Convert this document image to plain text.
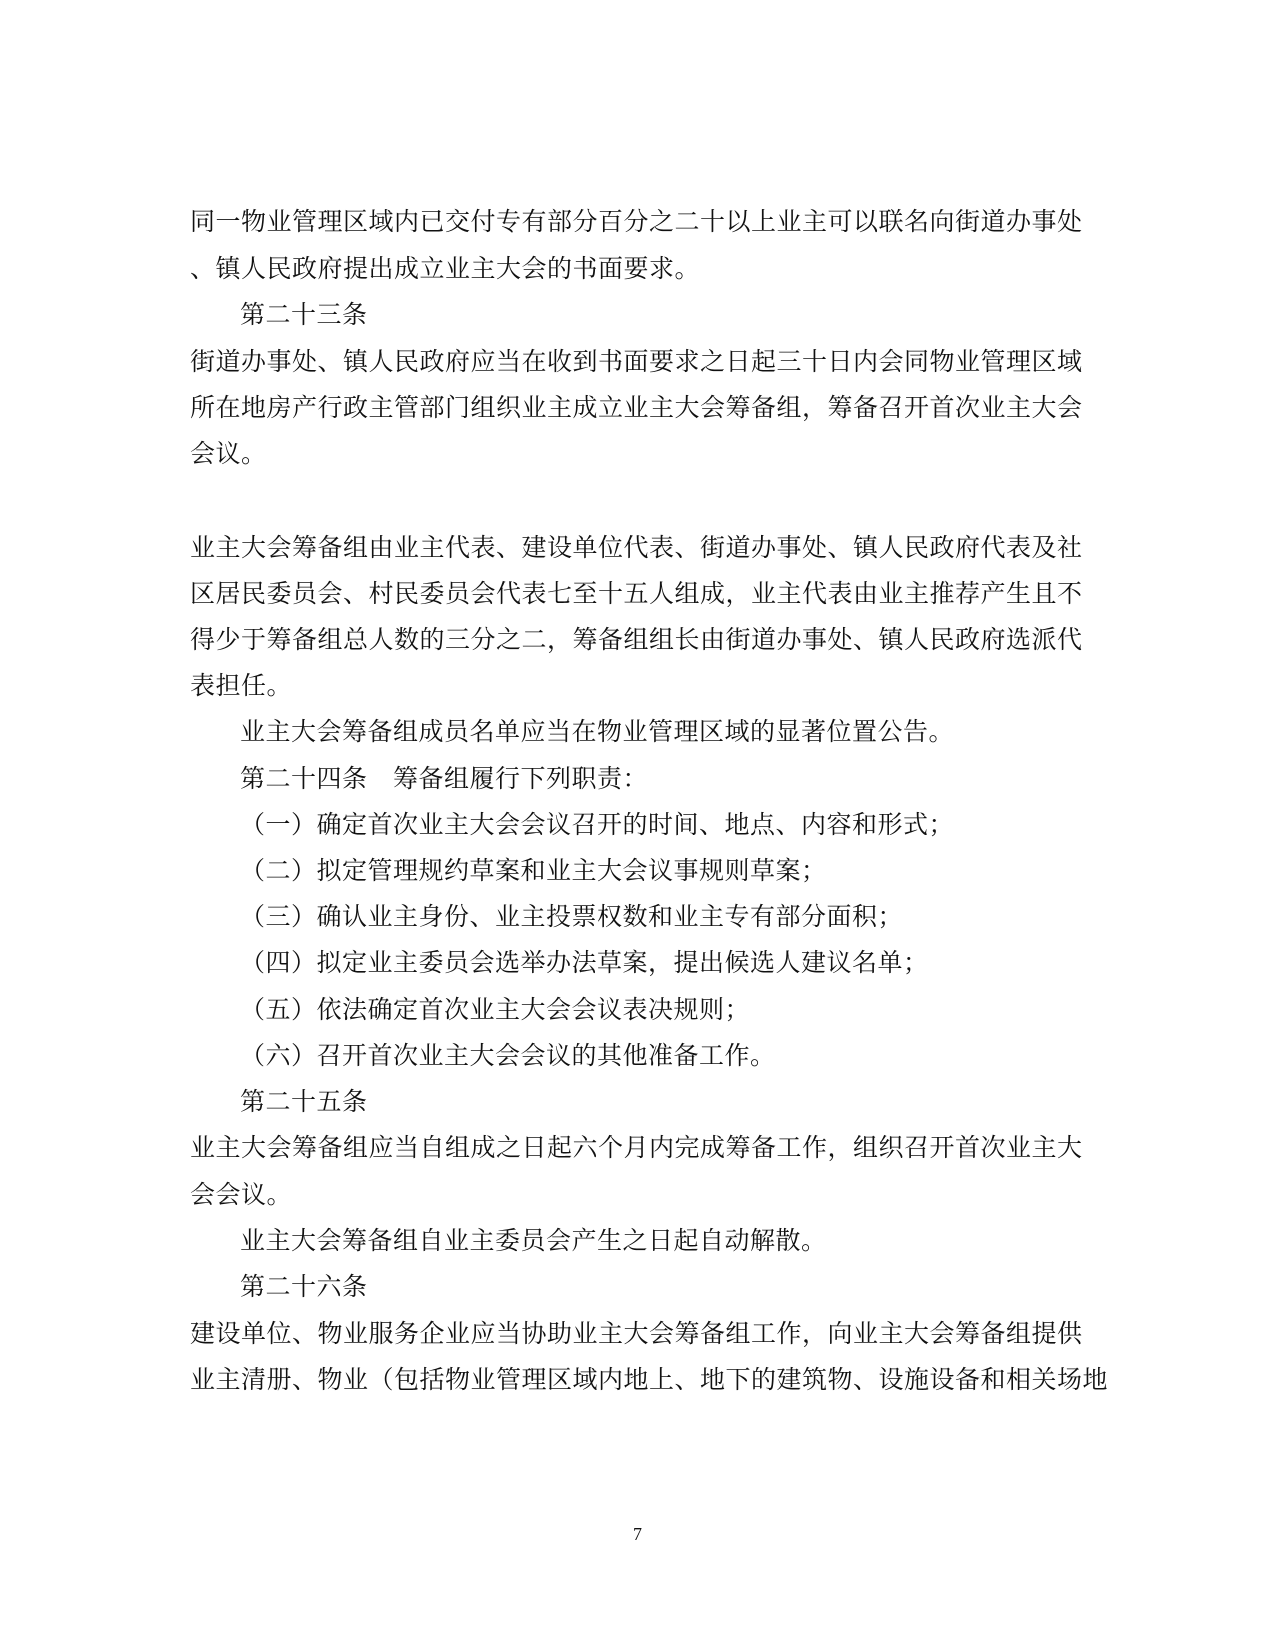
同一物业管理区域内已交付专有部分百分之二十以上业主可以联名向街道办事处
、镇人民政府提出成立业主大会的书面要求。
第二十三条
街道办事处、镇人民政府应当在收到书面要求之日起三十日内会同物业管理区域
所在地房产行政主管部门组织业主成立业主大会筹备组，筹备召开首次业主大会
会议。
业主大会筹备组由业主代表、建设单位代表、街道办事处、镇人民政府代表及社
区居民委员会、村民委员会代表七至十五人组成，业主代表由业主推荐产生且不
得少于筹备组总人数的三分之二，筹备组组长由街道办事处、镇人民政府选派代
表担任。
业主大会筹备组成员名单应当在物业管理区域的显著位置公告。
第二十四条　筹备组履行下列职责：
（一）确定首次业主大会会议召开的时间、地点、内容和形式；
（二）拟定管理规约草案和业主大会议事规则草案；
（三）确认业主身份、业主投票权数和业主专有部分面积；
（四）拟定业主委员会选举办法草案，提出候选人建议名单；
（五）依法确定首次业主大会会议表决规则；
（六）召开首次业主大会会议的其他准备工作。
第二十五条
业主大会筹备组应当自组成之日起六个月内完成筹备工作，组织召开首次业主大
会会议。
业主大会筹备组自业主委员会产生之日起自动解散。
第二十六条
建设单位、物业服务企业应当协助业主大会筹备组工作，向业主大会筹备组提供
业主清册、物业（包括物业管理区域内地上、地下的建筑物、设施设备和相关场地
7
